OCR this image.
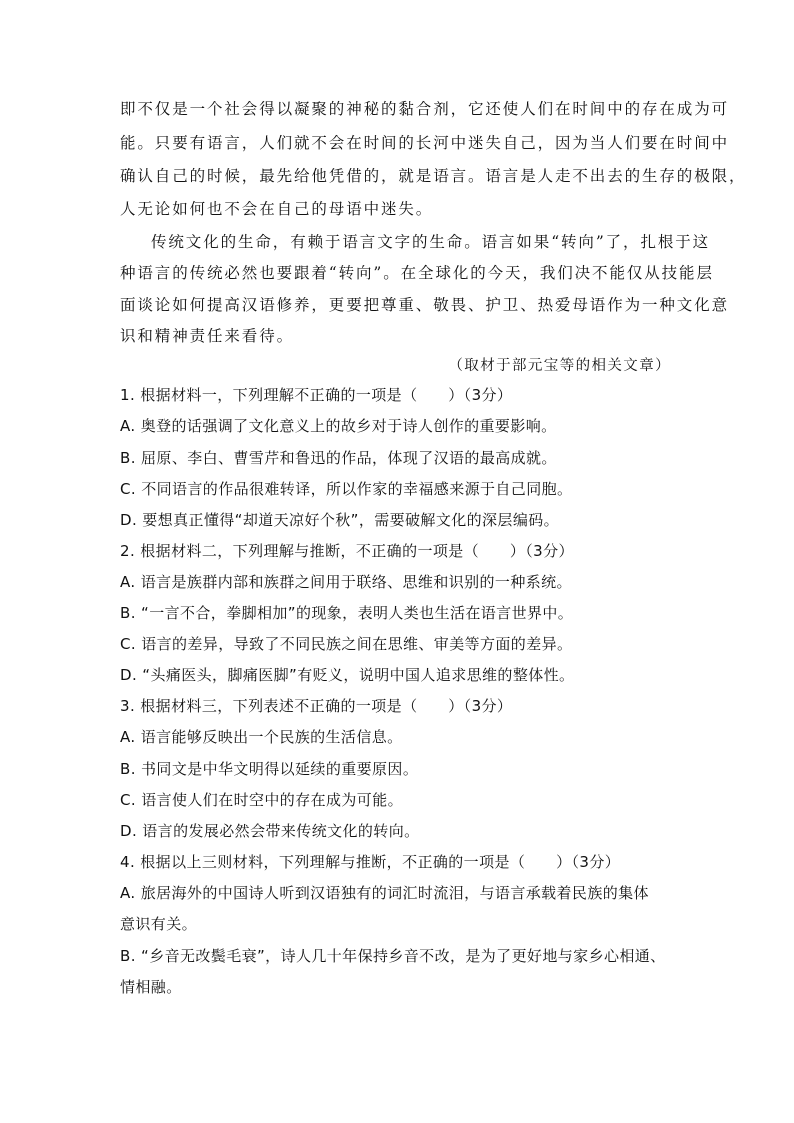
即不仅是一个社会得以凝聚的神秘的黏合剂，它还使人们在时间中的存在成为可
能。只要有语言，人们就不会在时间的长河中迷失自己，因为当人们要在时间中
确认自己的时候，最先给他凭借的，就是语言。语言是人走不出去的生存的极限，
人无论如何也不会在自己的母语中迷失。
传统文化的生命，有赖于语言文字的生命。语言如果“转向”了，扎根于这
种语言的传统必然也要跟着“转向”。在全球化的今天，我们决不能仅从技能层
面谈论如何提高汉语修养，更要把尊重、敬畏、护卫、热爱母语作为一种文化意
识和精神责任来看待。
（取材于部元宝等的相关文章）
1. 根据材料一，下列理解不正确的一项是（　　）（3分）
A. 奥登的话强调了文化意义上的故乡对于诗人创作的重要影响。
B. 屈原、李白、曹雪芹和鲁迅的作品，体现了汉语的最高成就。
C. 不同语言的作品很难转译，所以作家的幸福感来源于自己同胞。
D. 要想真正懂得“却道天凉好个秋”，需要破解文化的深层编码。
2. 根据材料二，下列理解与推断，不正确的一项是（　　）（3分）
A. 语言是族群内部和族群之间用于联络、思维和识别的一种系统。
B. “一言不合，拳脚相加”的现象，表明人类也生活在语言世界中。
C. 语言的差异，导致了不同民族之间在思维、审美等方面的差异。
D. “头痛医头，脚痛医脚”有贬义，说明中国人追求思维的整体性。
3. 根据材料三，下列表述不正确的一项是（　　）（3分）
A. 语言能够反映出一个民族的生活信息。
B. 书同文是中华文明得以延续的重要原因。
C. 语言使人们在时空中的存在成为可能。
D. 语言的发展必然会带来传统文化的转向。
4. 根据以上三则材料，下列理解与推断，不正确的一项是（　　）（3分）
A. 旅居海外的中国诗人听到汉语独有的词汇时流泪，与语言承载着民族的集体
意识有关。
B. “乡音无改鬓毛衰”，诗人几十年保持乡音不改，是为了更好地与家乡心相通、
情相融。
